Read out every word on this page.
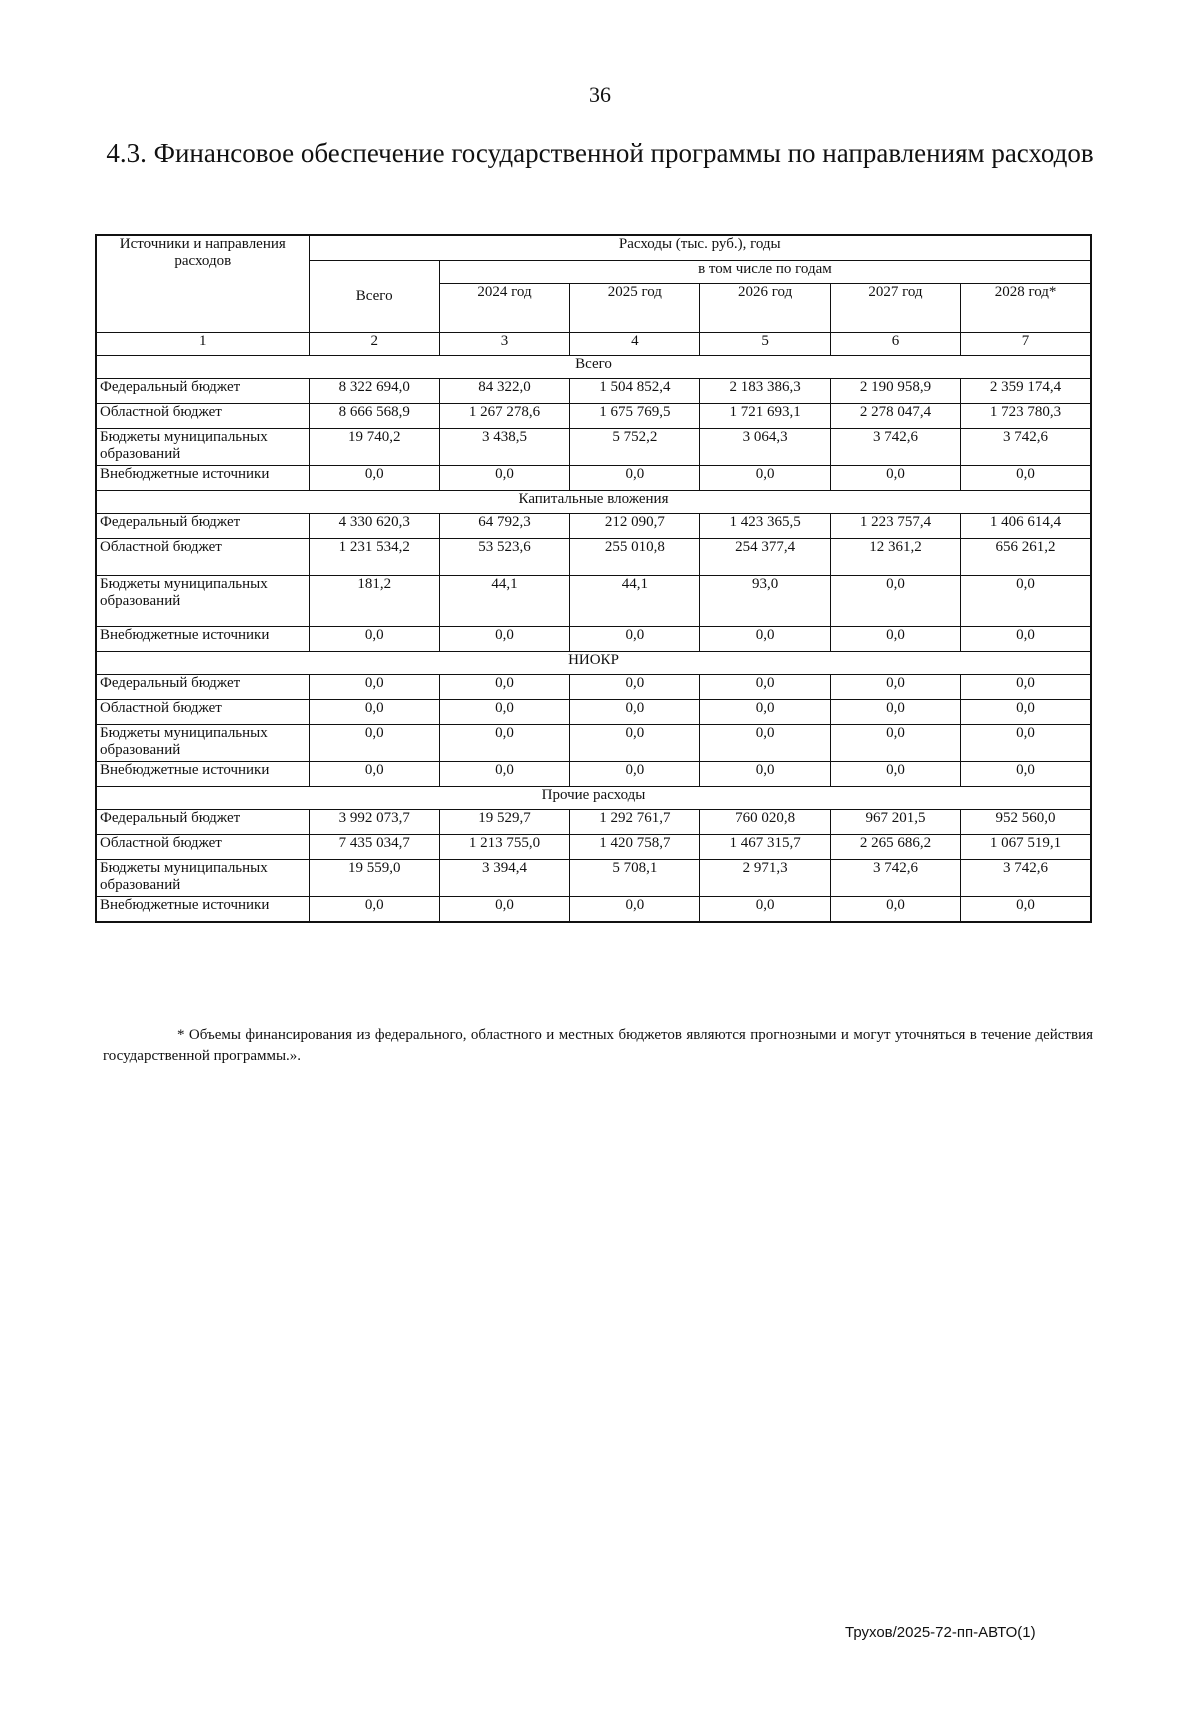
36
4.3. Финансовое обеспечение государственной программы по направлениям расходов
Источники и направления расходов	Расходы (тыс. руб.), годы					
	Всего	в том числе по годам				
		2024 год	2025 год	2026 год	2027 год	2028 год*
1	2	3	4	5	6	7
Всего						
Федеральный бюджет	8 322 694,0	84 322,0	1 504 852,4	2 183 386,3	2 190 958,9	2 359 174,4
Областной бюджет	8 666 568,9	1 267 278,6	1 675 769,5	1 721 693,1	2 278 047,4	1 723 780,3
Бюджеты муниципальных образований	19 740,2	3 438,5	5 752,2	3 064,3	3 742,6	3 742,6
Внебюджетные источники	0,0	0,0	0,0	0,0	0,0	0,0
Капитальные вложения						
Федеральный бюджет	4 330 620,3	64 792,3	212 090,7	1 423 365,5	1 223 757,4	1 406 614,4
Областной бюджет	1 231 534,2	53 523,6	255 010,8	254 377,4	12 361,2	656 261,2
Бюджеты муниципальных образований	181,2	44,1	44,1	93,0	0,0	0,0
Внебюджетные источники	0,0	0,0	0,0	0,0	0,0	0,0
НИОКР						
Федеральный бюджет	0,0	0,0	0,0	0,0	0,0	0,0
Областной бюджет	0,0	0,0	0,0	0,0	0,0	0,0
Бюджеты муниципальных образований	0,0	0,0	0,0	0,0	0,0	0,0
Внебюджетные источники	0,0	0,0	0,0	0,0	0,0	0,0
Прочие расходы						
Федеральный бюджет	3 992 073,7	19 529,7	1 292 761,7	760 020,8	967 201,5	952 560,0
Областной бюджет	7 435 034,7	1 213 755,0	1 420 758,7	1 467 315,7	2 265 686,2	1 067 519,1
Бюджеты муниципальных образований	19 559,0	3 394,4	5 708,1	2 971,3	3 742,6	3 742,6
Внебюджетные источники	0,0	0,0	0,0	0,0	0,0	0,0
* Объемы финансирования из федерального, областного и местных бюджетов являются прогнозными и могут уточняться в течение действия государственной программы.».
Трухов/2025-72-пп-АВТО(1)
